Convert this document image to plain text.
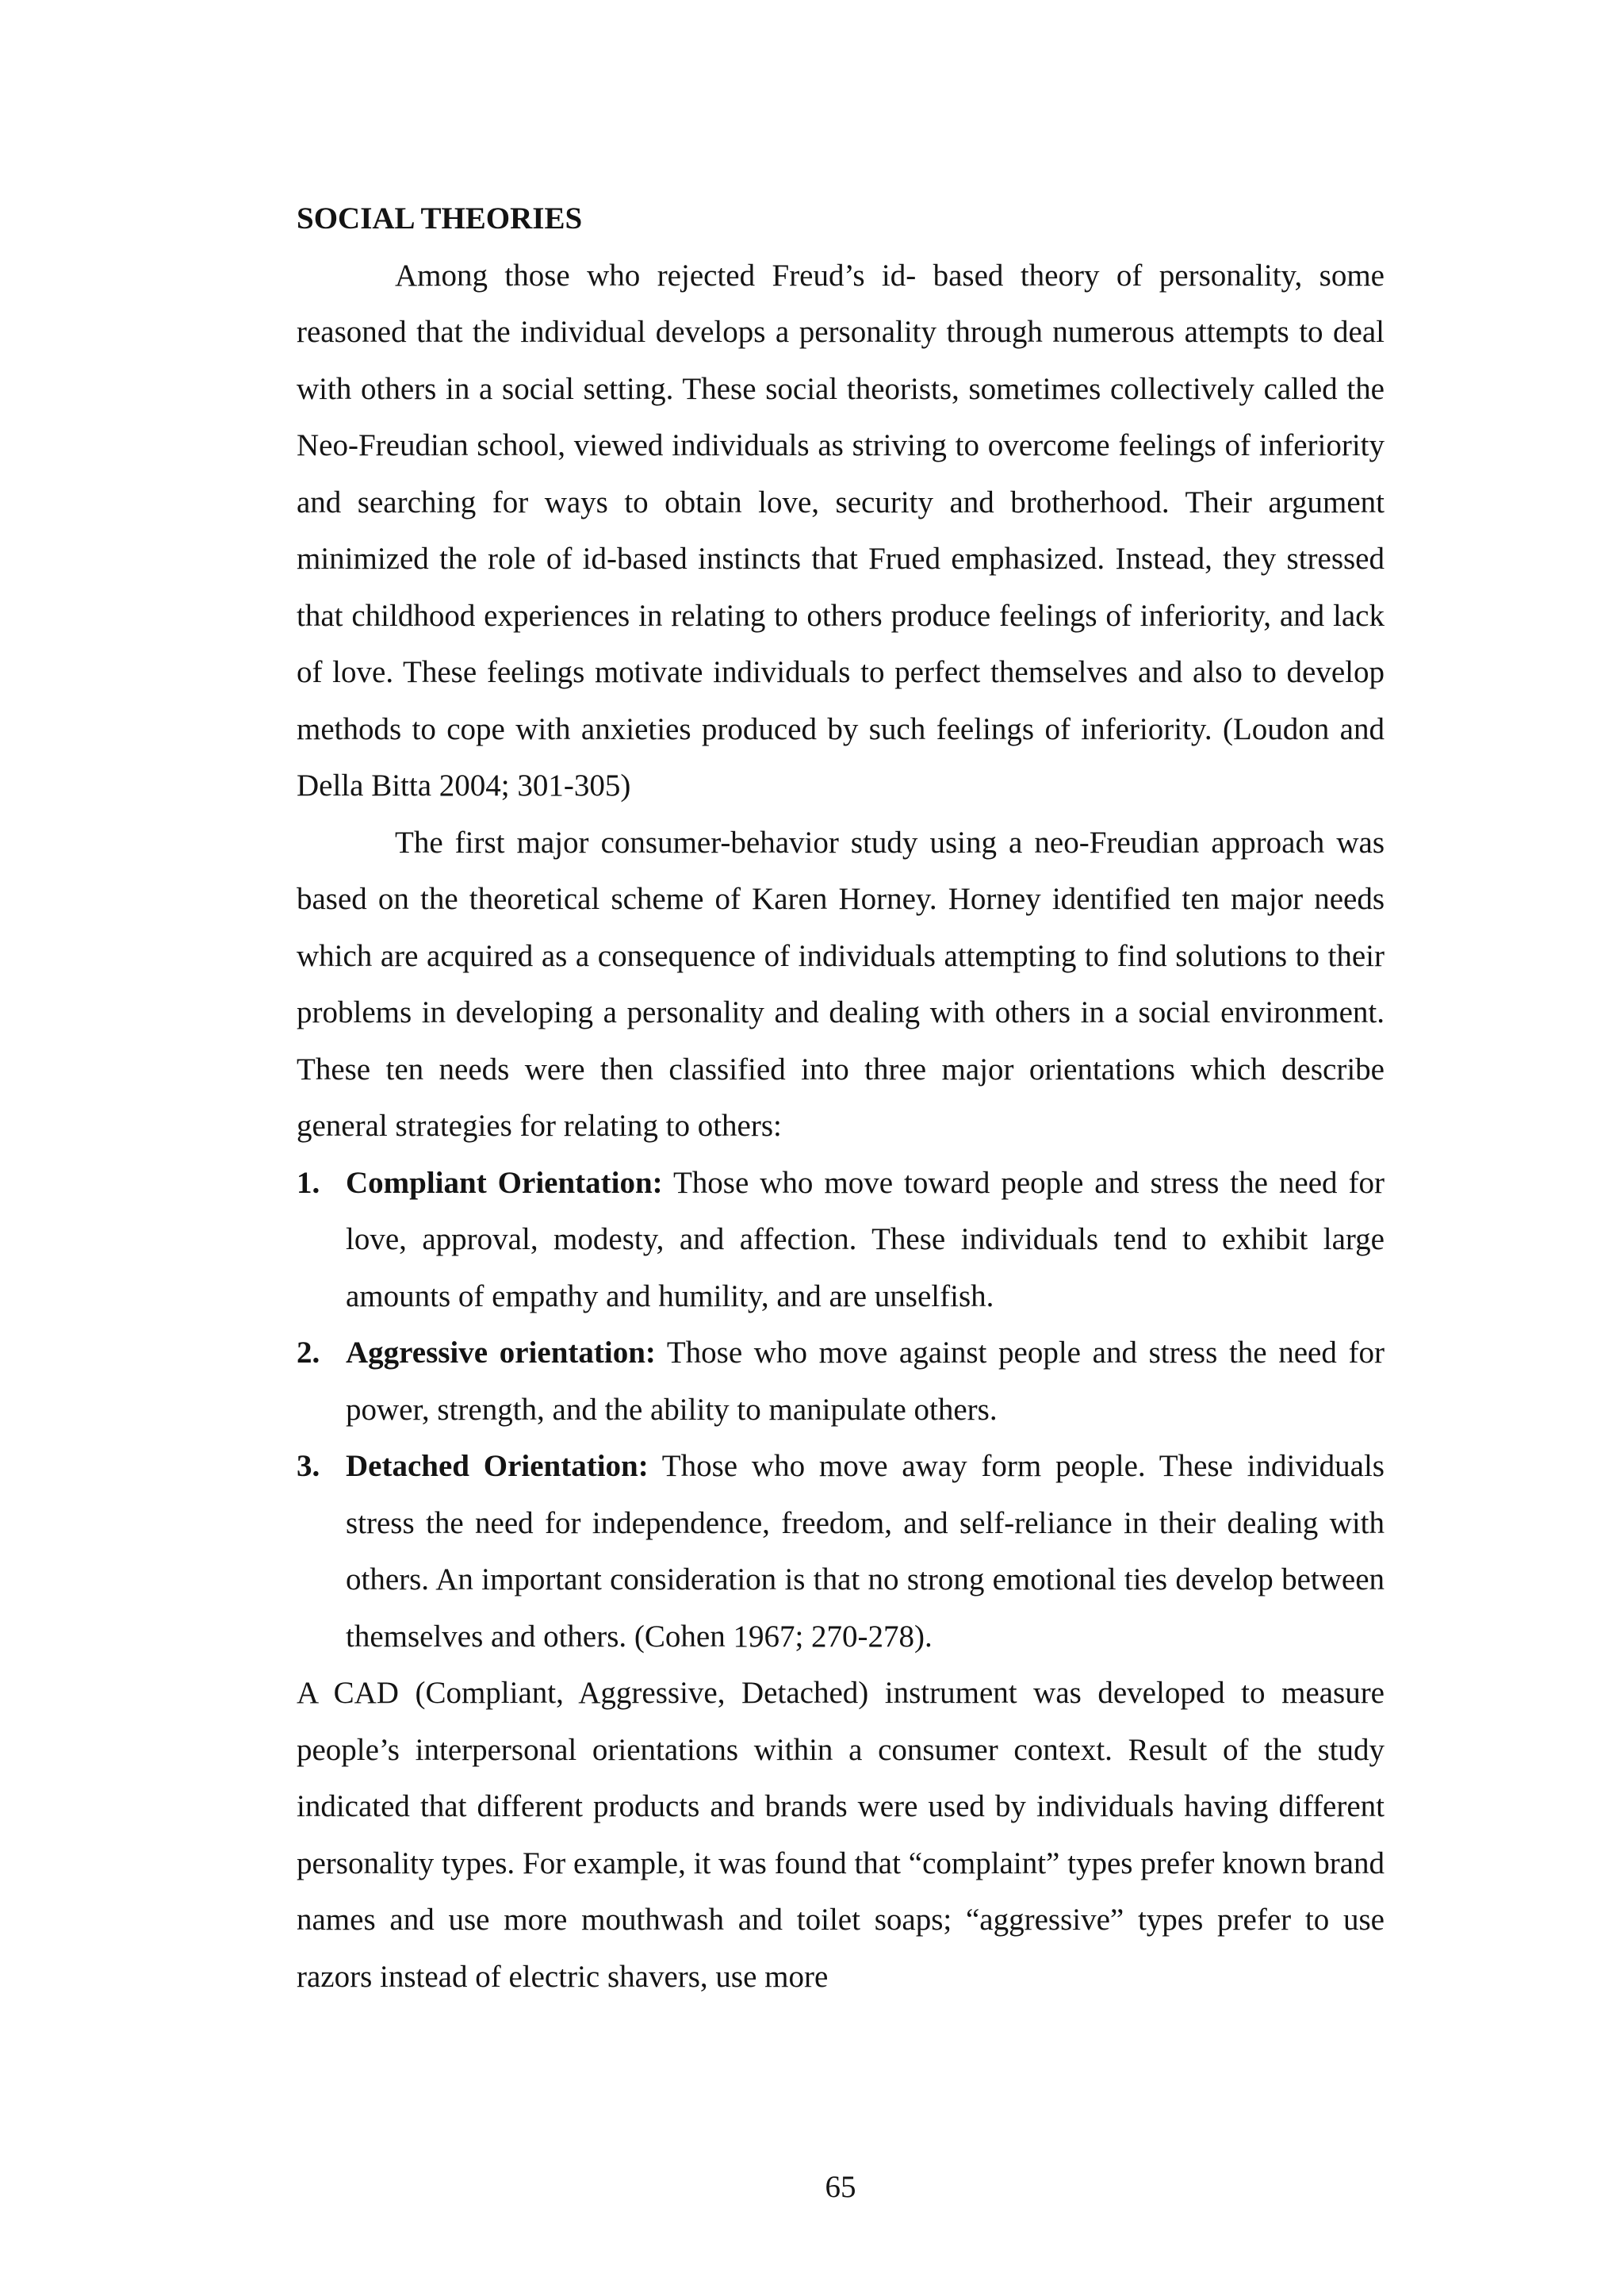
SOCIAL THEORIES

Among those who rejected Freud’s id- based theory of personality, some reasoned that the individual develops a personality through numerous attempts to deal with others in a social setting. These social theorists, sometimes collectively called the Neo-Freudian school, viewed individuals as striving to overcome feelings of inferiority and searching for ways to obtain love, security and brotherhood. Their argument minimized the role of id-based instincts that Frued emphasized. Instead, they stressed that childhood experiences in relating to others produce feelings of inferiority, and lack of love. These feelings motivate individuals to perfect themselves and also to develop methods to cope with anxieties produced by such feelings of inferiority. (Loudon and Della Bitta 2004; 301-305)

The first major consumer-behavior study using a neo-Freudian approach was based on the theoretical scheme of Karen Horney. Horney identified ten major needs which are acquired as a consequence of individuals attempting to find solutions to their problems in developing a personality and dealing with others in a social environment. These ten needs were then classified into three major orientations which describe general strategies for relating to others:

1. Compliant Orientation: Those who move toward people and stress the need for love, approval, modesty, and affection. These individuals tend to exhibit large amounts of empathy and humility, and are unselfish.
2. Aggressive orientation: Those who move against people and stress the need for power, strength, and the ability to manipulate others.
3. Detached Orientation: Those who move away form people. These individuals stress the need for independence, freedom, and self-reliance in their dealing with others. An important consideration is that no strong emotional ties develop between themselves and others. (Cohen 1967; 270-278).

A CAD (Compliant, Aggressive, Detached) instrument was developed to measure people’s interpersonal orientations within a consumer context. Result of the study indicated that different products and brands were used by individuals having different personality types. For example, it was found that “complaint” types prefer known brand names and use more mouthwash and toilet soaps; “aggressive” types prefer to use razors instead of electric shavers, use more

65
